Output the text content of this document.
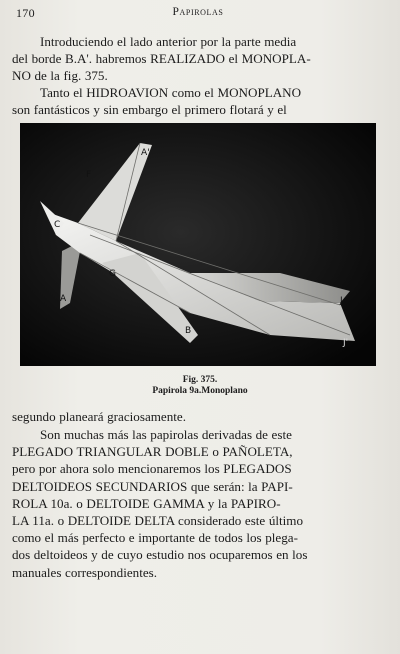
170	Papirolas
Introduciendo el lado anterior por la parte media
del borde B.A'. habremos REALIZADO el MONOPLA-
NO de la fig. 375.
Tanto el HIDROAVION como el MONOPLANO
son fantásticos y sin embargo el primero flotará y el
A'
F
C
A
G
B
J'
J
Fig. 375.
Papirola 9a.Monoplano
segundo planeará graciosamente.
Son muchas más las papirolas derivadas de este
PLEGADO TRIANGULAR DOBLE o PAÑOLETA,
pero por ahora solo mencionaremos los PLEGADOS
DELTOIDEOS SECUNDARIOS que serán: la PAPI-
ROLA 10a. o DELTOIDE GAMMA y la PAPIRO-
LA 11a. o DELTOIDE DELTA considerado este último
como el más perfecto e importante de todos los plega-
dos deltoideos y de cuyo estudio nos ocuparemos en los
manuales correspondientes.
